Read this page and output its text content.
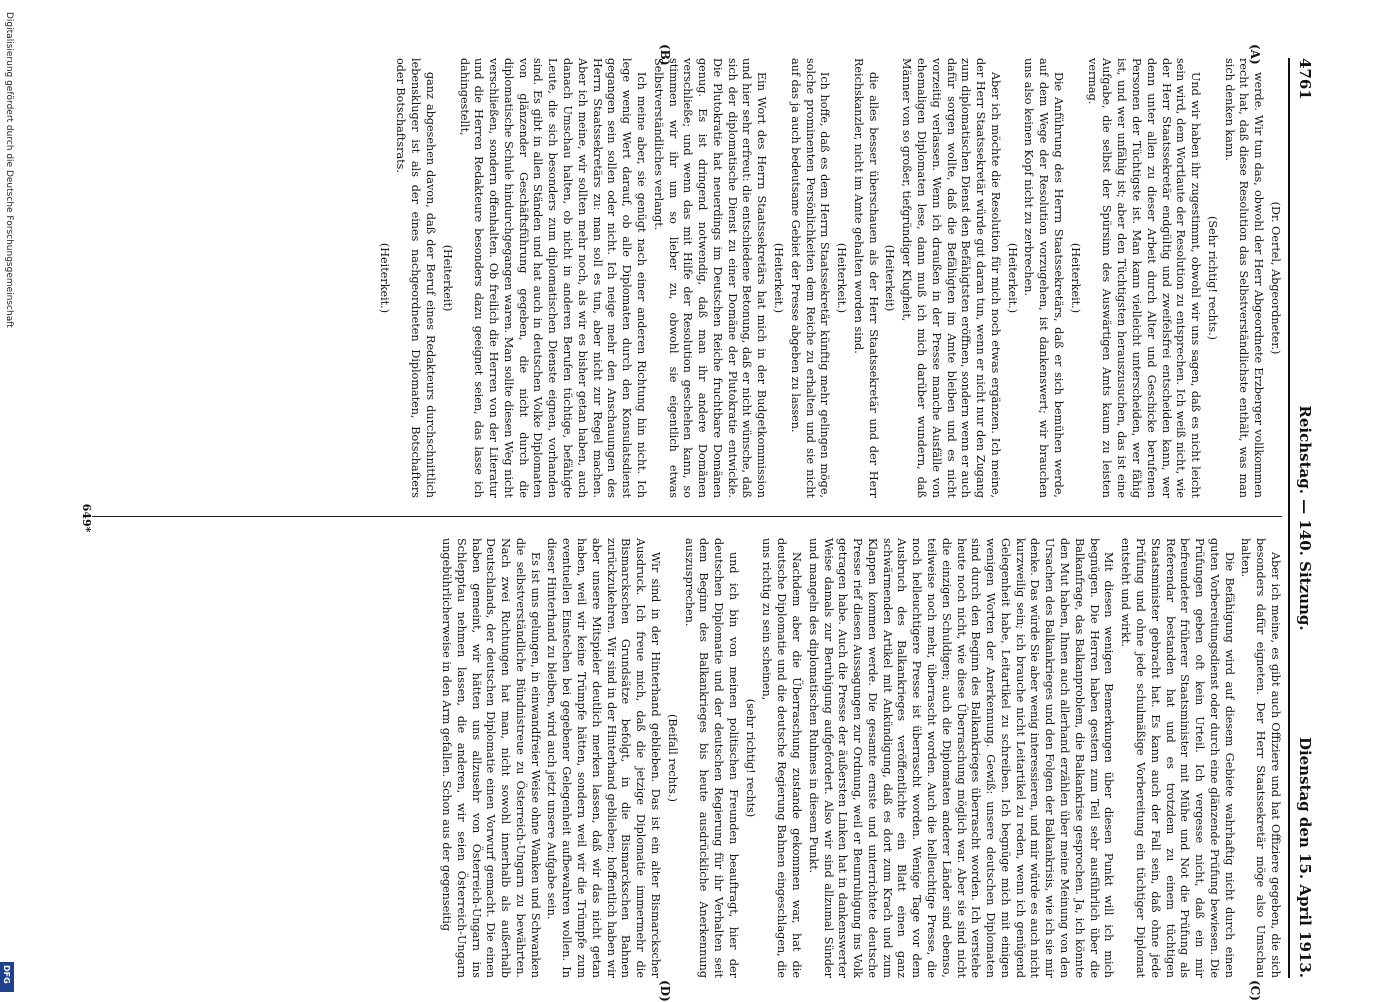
4761
Reichstag. — 140. Sitzung.
Dienstag den 15. April 1913.

(Dr. Oertel, Abgeordneter.)

werde. Wir tun das, obwohl der Herr Abgeordnete Erzberger vollkommen recht hat, daß diese Resolution das Selbstverständlichste enthält, was man sich denken kann.

(Sehr richtig! rechts.)

Und wir haben ihr zugestimmt, obwohl wir uns sagen, daß es nicht leicht sein wird, dem Wortlaute der Resolution zu entsprechen. Ich weiß nicht, wie der Herr Staatssekretär endgültig und zweifelsfrei entscheiden kann, wer denn unter allen zu dieser Arbeit durch Alter und Geschicke berufenen Personen der Tüchtigste ist. Man kann vielleicht unterscheiden, wer fähig ist, und wer unfähig ist; aber den Tüchtigsten herauszusuchen, das ist eine Aufgabe, die selbst der Spürsinn des Auswärtigen Amts kaum zu leisten vermag.

(Heiterkeit.)

Die Anführung des Herrn Staatssekretärs, daß er sich bemühen werde, auf dem Wege der Resolution vorzugehen, ist dankenswert; wir brauchen uns also keinen Kopf nicht zu zerbrechen.

(Heiterkeit.)

Aber ich möchte die Resolution für mich noch etwas ergänzen. Ich meine, der Herr Staatssekretär würde gut daran tun, wenn er nicht nur den Zugang zum diplomatischen Dienst den Befähigtsten eröffnen, sondern wenn er auch dafür sorgen wollte, daß die Befähigten im Amte bleiben und es nicht vorzeitig verlassen. Wenn ich draußen in der Presse manche Ausfälle von ehemaligen Diplomaten lese, dann muß ich mich darüber wundern, daß Männer von so großer, tiefgründiger Klugheit,

(Heiterkeit)

die alles besser überschauen als der Herr Staatssekretär und der Herr Reichskanzler, nicht im Amte gehalten worden sind.

(Heiterkeit.)

Ich hoffe, daß es dem Herrn Staatssekretär künftig mehr gelingen möge, solche prominenten Persönlichkeiten dem Reiche zu erhalten und sie nicht auf das ja auch bedeutsame Gebiet der Presse abgeben zu lassen.

(Heiterkeit.)

Ein Wort des Herrn Staatssekretärs hat mich in der Budgetkommission und hier sehr erfreut: die entschiedene Betonung, daß er nicht wünsche, daß sich der diplomatische Dienst zu einer Domäne der Plutokratie entwickle. Die Plutokratie hat neuerdings im Deutschen Reiche fruchtbare Domänen genug. Es ist dringend notwendig, daß man ihr andere Domänen verschließe; und wenn das mit Hilfe der Resolution geschehen kann, so stimmen wir ihr um so lieber zu, obwohl sie eigentlich etwas Selbstverständliches verlangt.

Ich meine aber, sie genügt nach einer anderen Richtung hin nicht. Ich lege wenig Wert darauf, ob alle Diplomaten durch den Konsulatsdienst gegangen sein sollen oder nicht. Ich neige mehr den Anschauungen des Herrn Staatssekretärs zu: man soll es tun, aber nicht zur Regel machen. Aber ich meine, wir sollten mehr noch, als wir es bisher getan haben, auch danach Umschau halten, ob nicht in anderen Berufen tüchtige, befähigte Leute, die sich besonders zum diplomatischen Dienste eignen, vorhanden sind. Es gibt in allen Ständen und hat auch in deutschen Volke Diplomaten von glänzender Geschäftsführung gegeben, die nicht durch die diplomatische Schule hindurchgegangen waren. Man sollte diesen Weg nicht verschließen, sondern offenhalten. Ob freilich die Herren von der Literatur und die Herren Redakteure besonders dazu geeignet seien, das lasse ich dahingestellt,

(Heiterkeit)

ganz abgesehen davon, daß der Beruf eines Redakteurs durchschnittlich lebenskluger ist als der eines nachgeordneten Diplomaten, Botschafters oder Botschaftsrats.

(Heiterkeit.)

Aber ich meine, es gibt auch Offiziere und hat Offiziere gegeben, die sich besonders dafür eigneten. Der Herr Staatssekretär möge also Umschau halten.

Die Befähigung wird auf diesem Gebiete wahrhaftig nicht durch einen guten Vorbereitungsdienst oder durch eine glänzende Prüfung bewiesen. Die Prüfungen geben oft kein Urteil. Ich vergesse nicht, daß ein mir befreundeter früherer Staatsminister mit Mühe und Not die Prüfung als Referendar bestanden hat und es trotzdem zu einem tüchtigen Staatsminister gebracht hat. Es kann auch der Fall sein, daß ohne jede Prüfung und ohne jede schulmäßige Vorbereitung ein tüchtiger Diplomat entsteht und wirkt.

Mit diesen wenigen Bemerkungen über diesen Punkt will ich mich begnügen. Die Herren haben gestern zum Teil sehr ausführlich über die Balkanfrage, das Balkanproblem, die Balkankrise gesprochen. Ja, ich könnte den Mut haben, Ihnen auch allerhand erzählen über meine Meinung von den Ursachen des Balkankrieges und den Folgen der Balkankrisis, wie ich sie mir denke. Das würde Sie aber wenig interessieren, und mir würde es auch nicht kurzweilig sein; ich brauche nicht Leitartikel zu reden, wenn ich genügend Gelegenheit habe, Leitartikel zu schreiben. Ich begnüge mich mit einigen wenigen Worten der Anerkennung. Gewiß: unsere deutschen Diplomaten sind durch den Beginn des Balkankrieges überrascht worden. Ich verstehe heute noch nicht, wie diese Überraschung möglich war. Aber sie sind nicht die einzigen Schuldigen; auch die Diplomaten anderer Länder sind ebenso, teilweise noch mehr, überrascht worden. Auch die helleuchtige Presse, die noch helleuchtigere Presse ist überrascht worden. Wenige Tage vor dem Ausbruch des Balkankrieges veröffentlichte ein Blatt einen ganz schwärmenden Artikel mit Ankündigung, daß es dort zum Krach und zum Klappen kommen werde. Die gesamte ernste und unterrichtete deutsche Presse rief diesen Aussagungen zur Ordnung, weil er Beunruhigung ins Volk getragen habe. Auch die Presse der äußersten Linken hat in dankenswerter Weise damals zur Beruhigung aufgefordert. Also wir sind allzumal Sünder und mangeln des diplomatischen Ruhmes in diesem Punkt.

Nachdem aber die Überraschung zustande gekommen war, hat die deutsche Diplomatie und die deutsche Regierung Bahnen eingeschlagen, die uns richtig zu sein scheinen,

(sehr richtig! rechts)

und ich bin von meinen politischen Freunden beauftragt, hier der deutschen Diplomatie und der deutschen Regierung für ihr Verhalten seit dem Beginn des Balkankrieges bis heute ausdrückliche Anerkennung auszusprechen.

(Beifall rechts.)

Wir sind in der Hinterhand geblieben. Das ist ein alter Bismarckscher Ausdruck. Ich freue mich, daß die jetzige Diplomatie immermehr die Bismarckschen Grundsätze befolgt, in die Bismarckschen Bahnen zurückzukehren. Wir sind in der Hinterhand geblieben; hoffentlich haben wir aber unsere Mitspieler deutlich merken lassen, daß wir das nicht getan haben, weil wir keine Trümpfe hätten, sondern weil wir die Trümpfe zum eventuellen Einstechen bei gegebener Gelegenheit aufbewahren wollen. In dieser Hinterhand zu bleiben, wird auch jetzt unsere Aufgabe sein.

Es ist uns gelungen, in einwandfreier Weise ohne Wanken und Schwanken die selbstverständliche Bündnistreue zu Österreich-Ungarn zu bewährten. Nach zwei Richtungen hat man, nicht sowohl innerhalb als außerhalb Deutschlands, der deutschen Diplomatie einen Vorwurf gemacht. Die einen haben gemeint, wir hätten uns allzusehr von Österreich-Ungarn ins Schlepptau nehmen lassen, die anderen, wir seien Österreich-Ungarn ungebührlicherweise in den Arm gefallen. Schon aus der gegenseitig

(A)
(B)
(C)
(D)
649*
Digitalisierung gefördert durch die Deutsche Forschungsgemeinschaft
DFG
